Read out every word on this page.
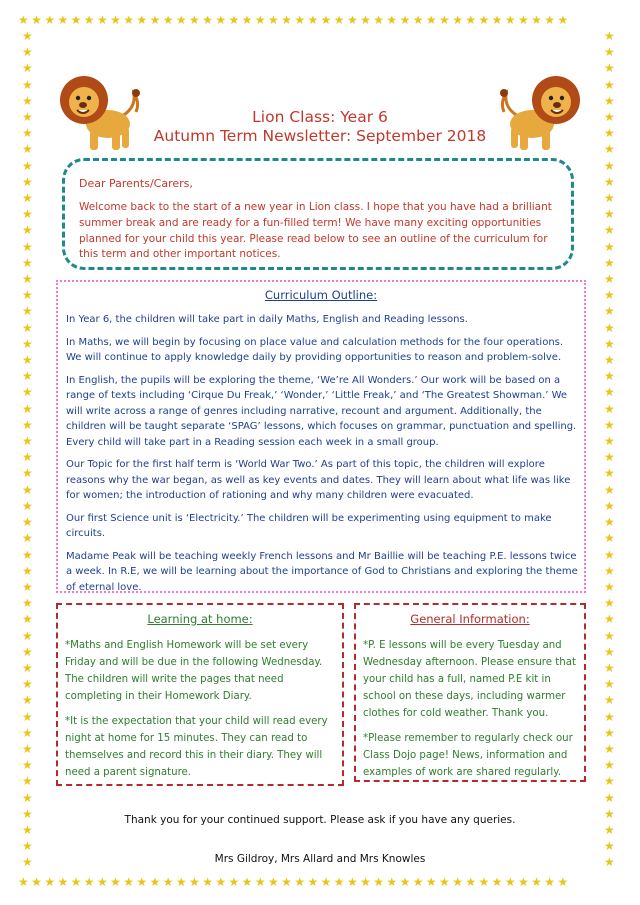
★★★★★★★★★★★★★★★★★★★★★★★★★★★★★★★★★★★★★★★★★★
★★★★★★★★★★★★★★★★★★★★★★★★★★★★★★★★★★★★★★★★★★
★★★★★★★★★★★★★★★★★★★★★★★★★★★★★★★★★★★★★★★★★★★★★★★★★★★★
★★★★★★★★★★★★★★★★★★★★★★★★★★★★★★★★★★★★★★★★★★★★★★★★★★★★
Lion Class: Year 6
Autumn Term Newsletter: September 2018
Dear Parents/Carers,
Welcome back to the start of a new year in Lion class. I hope that you have had a brilliant summer break and are ready for a fun-filled term! We have many exciting opportunities planned for your child this year. Please read below to see an outline of the curriculum for this term and other important notices.
Curriculum Outline:

In Year 6, the children will take part in daily Maths, English and Reading lessons.

In Maths, we will begin by focusing on place value and calculation methods for the four operations. We will continue to apply knowledge daily by providing opportunities to reason and problem-solve.

In English, the pupils will be exploring the theme, ‘We’re All Wonders.’ Our work will be based on a range of texts including ‘Cirque Du Freak,’ ‘Wonder,’ ‘Little Freak,’ and ‘The Greatest Showman.’ We will write across a range of genres including narrative, recount and argument. Additionally, the children will be taught separate ‘SPAG’ lessons, which focuses on grammar, punctuation and spelling. Every child will take part in a Reading session each week in a small group.

Our Topic for the first half term is ‘World War Two.’ As part of this topic, the children will explore reasons why the war began, as well as key events and dates. They will learn about what life was like for women; the introduction of rationing and why many children were evacuated.

Our first Science unit is ‘Electricity.’ The children will be experimenting using equipment to make circuits.

Madame Peak will be teaching weekly French lessons and Mr Baillie will be teaching P.E. lessons twice a week. In R.E, we will be learning about the importance of God to Christians and exploring the theme of eternal love.

Learning at home:

*Maths and English Homework will be set every Friday and will be due in the following Wednesday. The children will write the pages that need completing in their Homework Diary.

*It is the expectation that your child will read every night at home for 15 minutes. They can read to themselves and record this in their diary. They will need a parent signature.

General Information:

*P. E lessons will be every Tuesday and Wednesday afternoon. Please ensure that your child has a full, named P.E kit in school on these days, including warmer clothes for cold weather. Thank you.

*Please remember to regularly check our Class Dojo page! News, information and examples of work are shared regularly.

Thank you for your continued support. Please ask if you have any queries.
Mrs Gildroy, Mrs Allard and Mrs Knowles
